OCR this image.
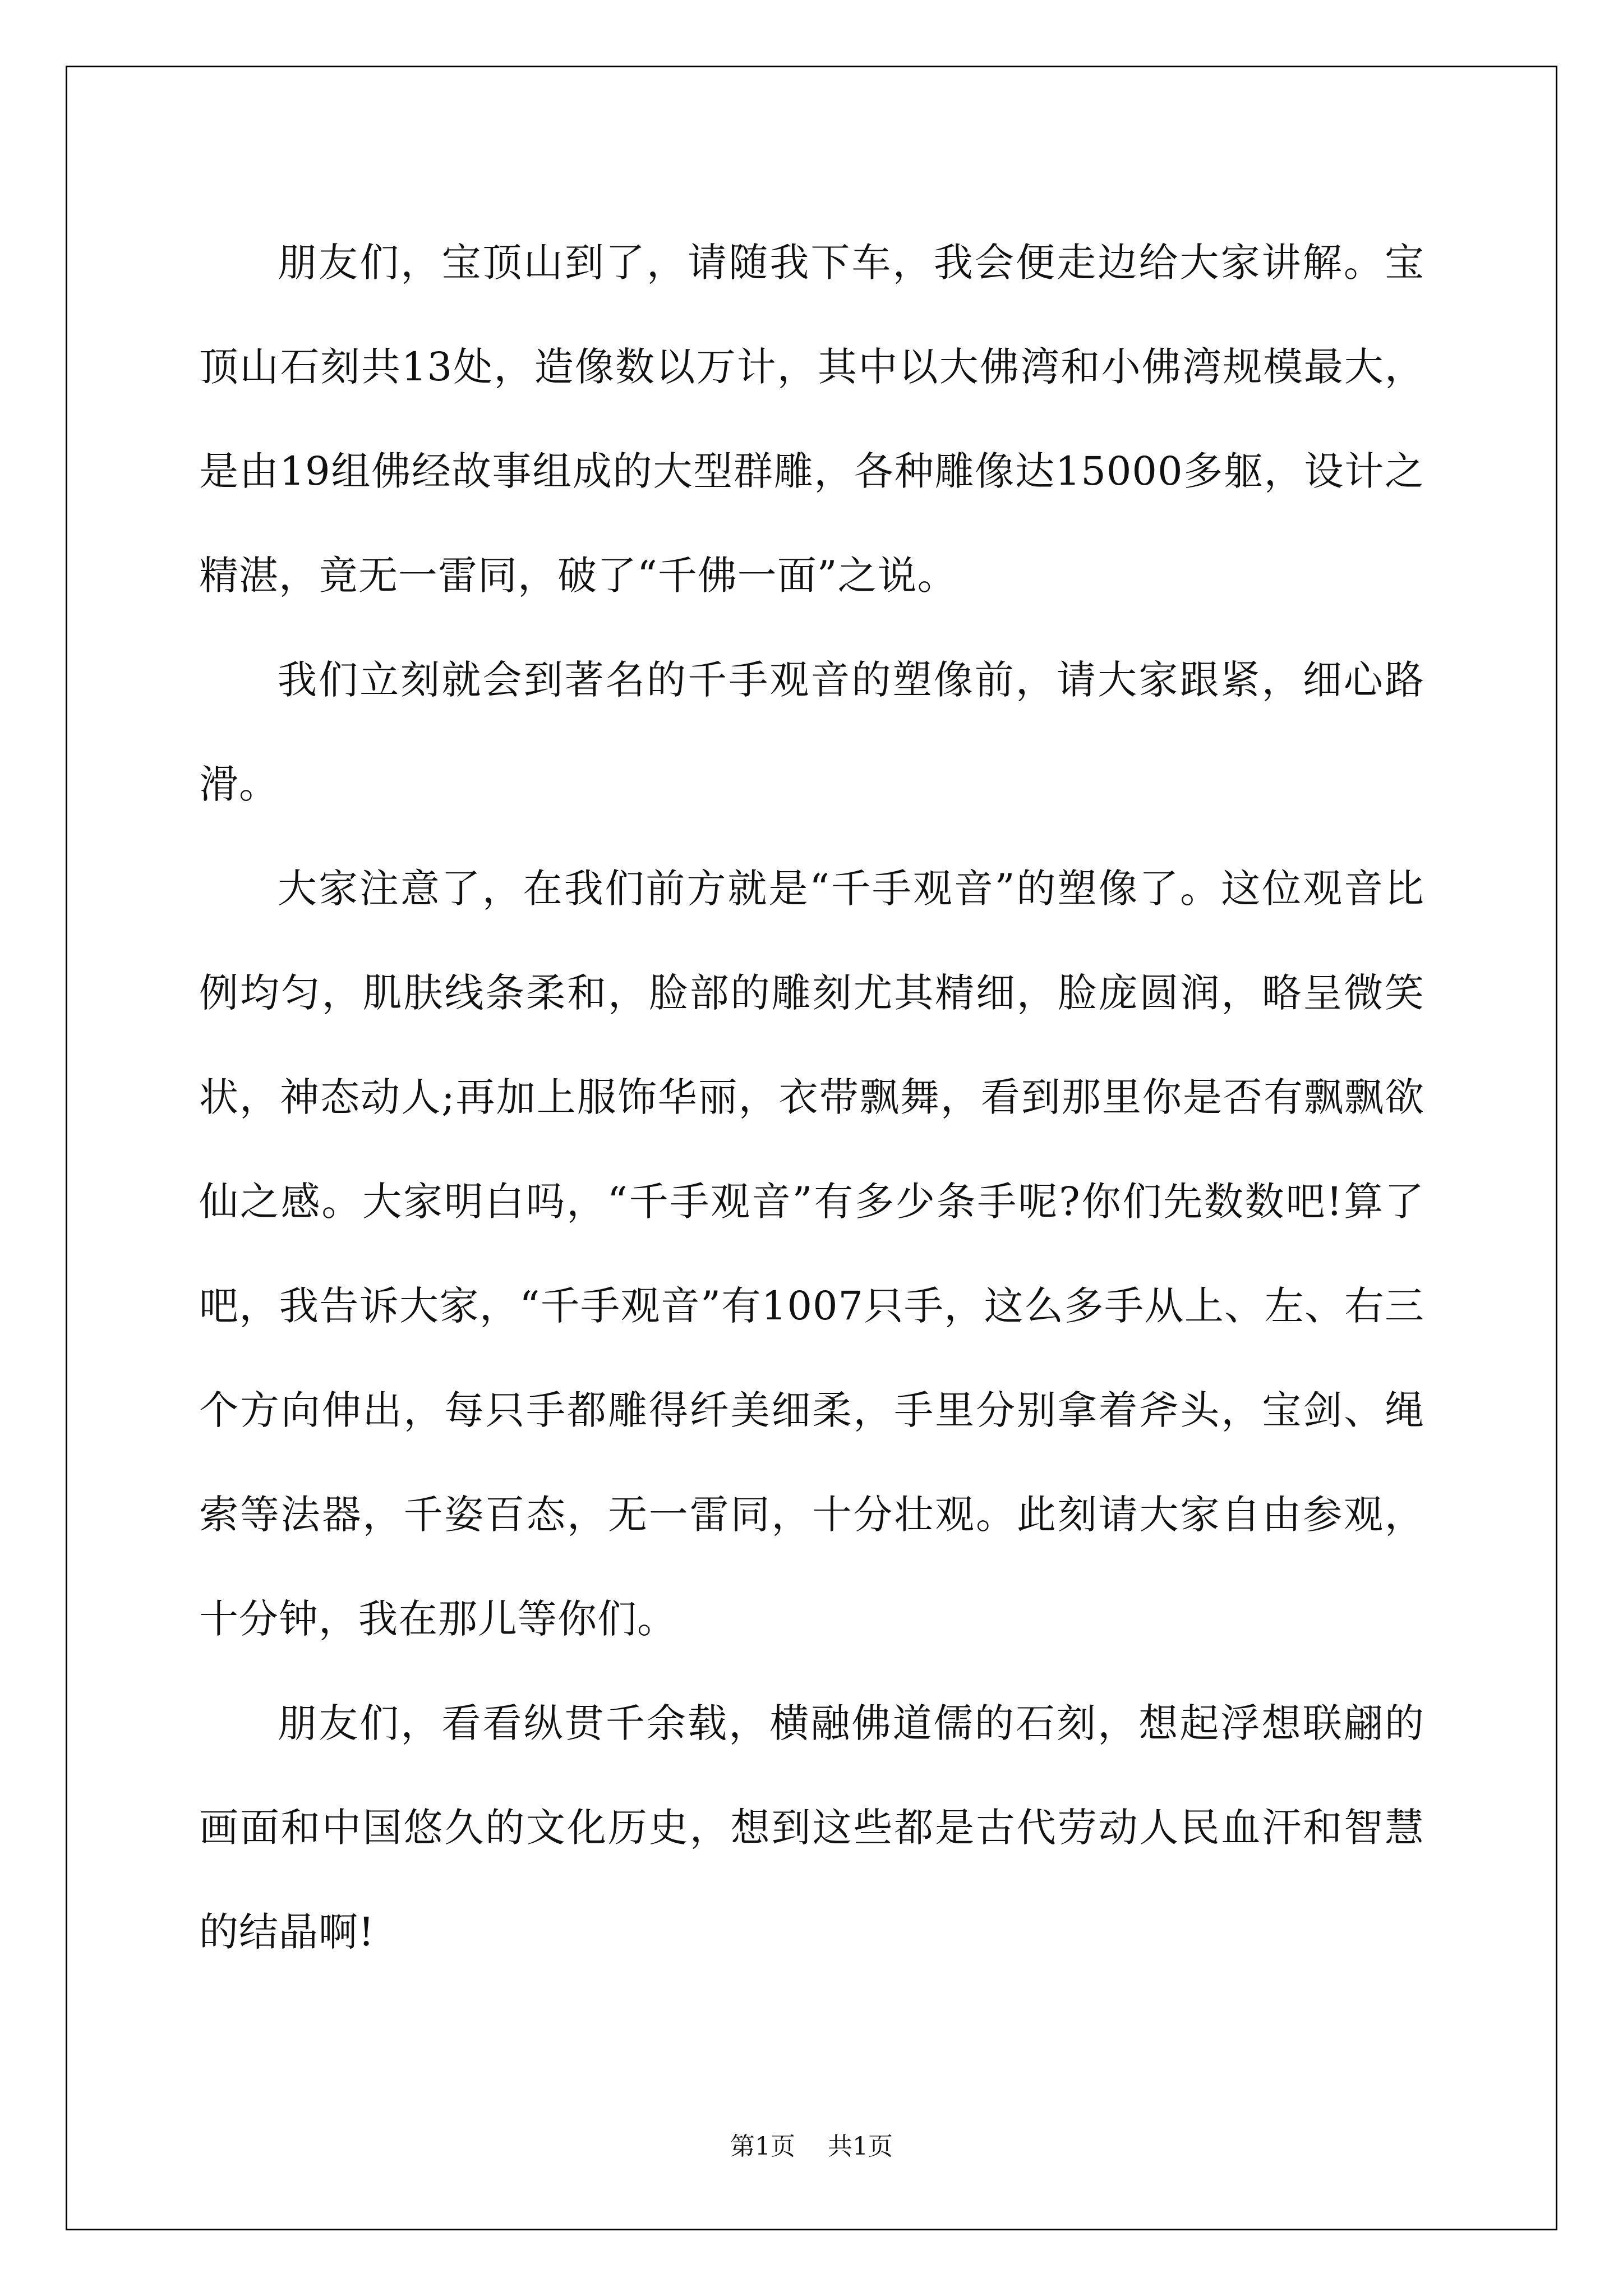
朋友们，宝顶山到了，请随我下车，我会便走边给大家讲解。宝顶山石刻共13处，造像数以万计，其中以大佛湾和小佛湾规模最大，是由19组佛经故事组成的大型群雕，各种雕像达15000多躯，设计之精湛，竟无一雷同，破了“千佛一面”之说。

我们立刻就会到著名的千手观音的塑像前，请大家跟紧，细心路滑。

大家注意了，在我们前方就是“千手观音”的塑像了。这位观音比例均匀，肌肤线条柔和，脸部的雕刻尤其精细，脸庞圆润，略呈微笑状，神态动人;再加上服饰华丽，衣带飘舞，看到那里你是否有飘飘欲仙之感。大家明白吗，“千手观音”有多少条手呢?你们先数数吧!算了吧，我告诉大家，“千手观音”有1007只手，这么多手从上、左、右三个方向伸出，每只手都雕得纤美细柔，手里分别拿着斧头，宝剑、绳索等法器，千姿百态，无一雷同，十分壮观。此刻请大家自由参观，十分钟，我在那儿等你们。

朋友们，看看纵贯千余载，横融佛道儒的石刻，想起浮想联翩的画面和中国悠久的文化历史，想到这些都是古代劳动人民血汗和智慧的结晶啊!

第1页 共1页
